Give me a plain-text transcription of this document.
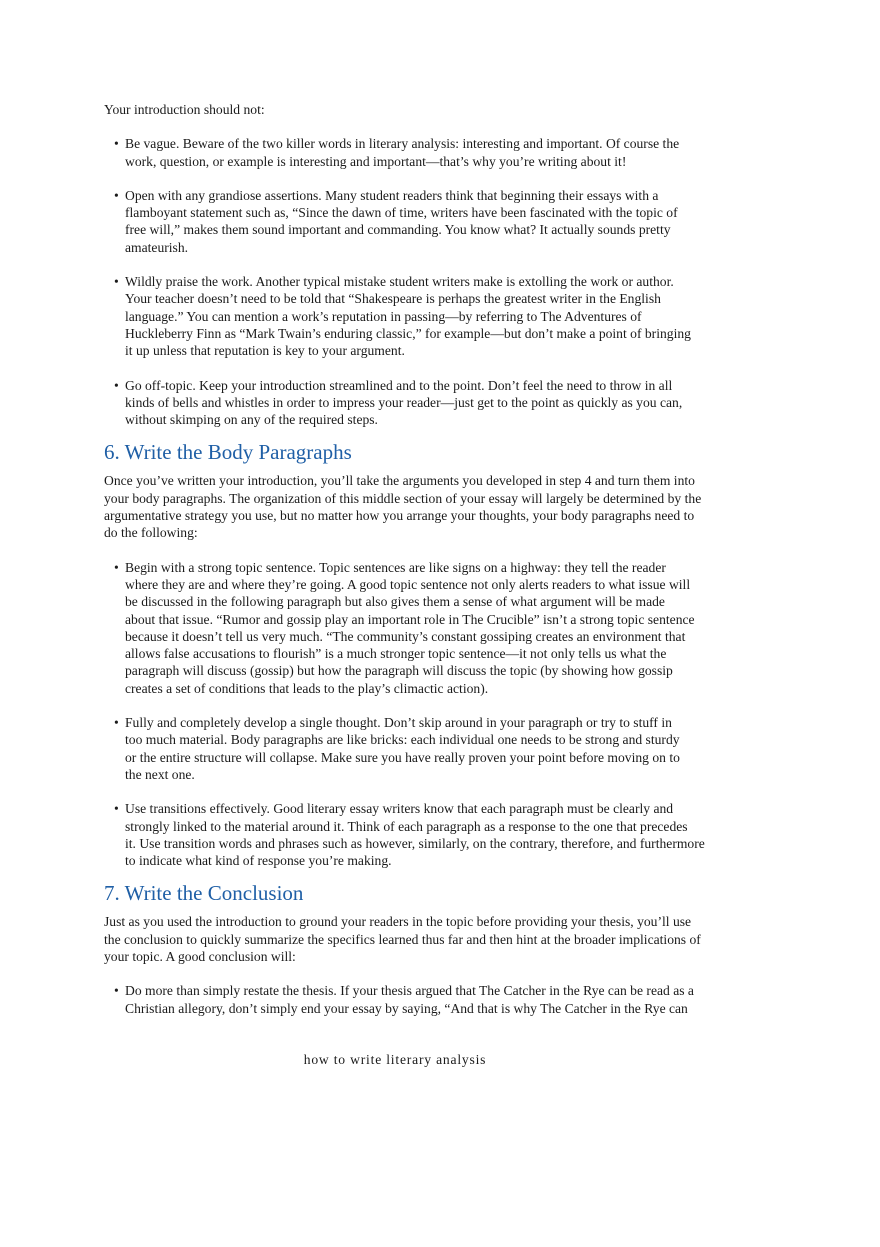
Your introduction should not:

• Be vague. Beware of the two killer words in literary analysis: interesting and important. Of course the
work, question, or example is interesting and important—that’s why you’re writing about it!
• Open with any grandiose assertions. Many student readers think that beginning their essays with a
flamboyant statement such as, “Since the dawn of time, writers have been fascinated with the topic of
free will,” makes them sound important and commanding. You know what? It actually sounds pretty
amateurish.
• Wildly praise the work. Another typical mistake student writers make is extolling the work or author.
Your teacher doesn’t need to be told that “Shakespeare is perhaps the greatest writer in the English
language.” You can mention a work’s reputation in passing—by referring to The Adventures of
Huckleberry Finn as “Mark Twain’s enduring classic,” for example—but don’t make a point of bringing
it up unless that reputation is key to your argument.
• Go off-topic. Keep your introduction streamlined and to the point. Don’t feel the need to throw in all
kinds of bells and whistles in order to impress your reader—just get to the point as quickly as you can,
without skimping on any of the required steps.
6. Write the Body Paragraphs

Once you’ve written your introduction, you’ll take the arguments you developed in step 4 and turn them into
your body paragraphs. The organization of this middle section of your essay will largely be determined by the
argumentative strategy you use, but no matter how you arrange your thoughts, your body paragraphs need to
do the following:

• Begin with a strong topic sentence. Topic sentences are like signs on a highway: they tell the reader
where they are and where they’re going. A good topic sentence not only alerts readers to what issue will
be discussed in the following paragraph but also gives them a sense of what argument will be made
about that issue. “Rumor and gossip play an important role in The Crucible” isn’t a strong topic sentence
because it doesn’t tell us very much. “The community’s constant gossiping creates an environment that
allows false accusations to flourish” is a much stronger topic sentence—it not only tells us what the
paragraph will discuss (gossip) but how the paragraph will discuss the topic (by showing how gossip
creates a set of conditions that leads to the play’s climactic action).
• Fully and completely develop a single thought. Don’t skip around in your paragraph or try to stuff in
too much material. Body paragraphs are like bricks: each individual one needs to be strong and sturdy
or the entire structure will collapse. Make sure you have really proven your point before moving on to
the next one.
• Use transitions effectively. Good literary essay writers know that each paragraph must be clearly and
strongly linked to the material around it. Think of each paragraph as a response to the one that precedes
it. Use transition words and phrases such as however, similarly, on the contrary, therefore, and furthermore
to indicate what kind of response you’re making.
7. Write the Conclusion

Just as you used the introduction to ground your readers in the topic before providing your thesis, you’ll use
the conclusion to quickly summarize the specifics learned thus far and then hint at the broader implications of
your topic. A good conclusion will:

• Do more than simply restate the thesis. If your thesis argued that The Catcher in the Rye can be read as a
Christian allegory, don’t simply end your essay by saying, “And that is why The Catcher in the Rye can
how to write literary analysis
